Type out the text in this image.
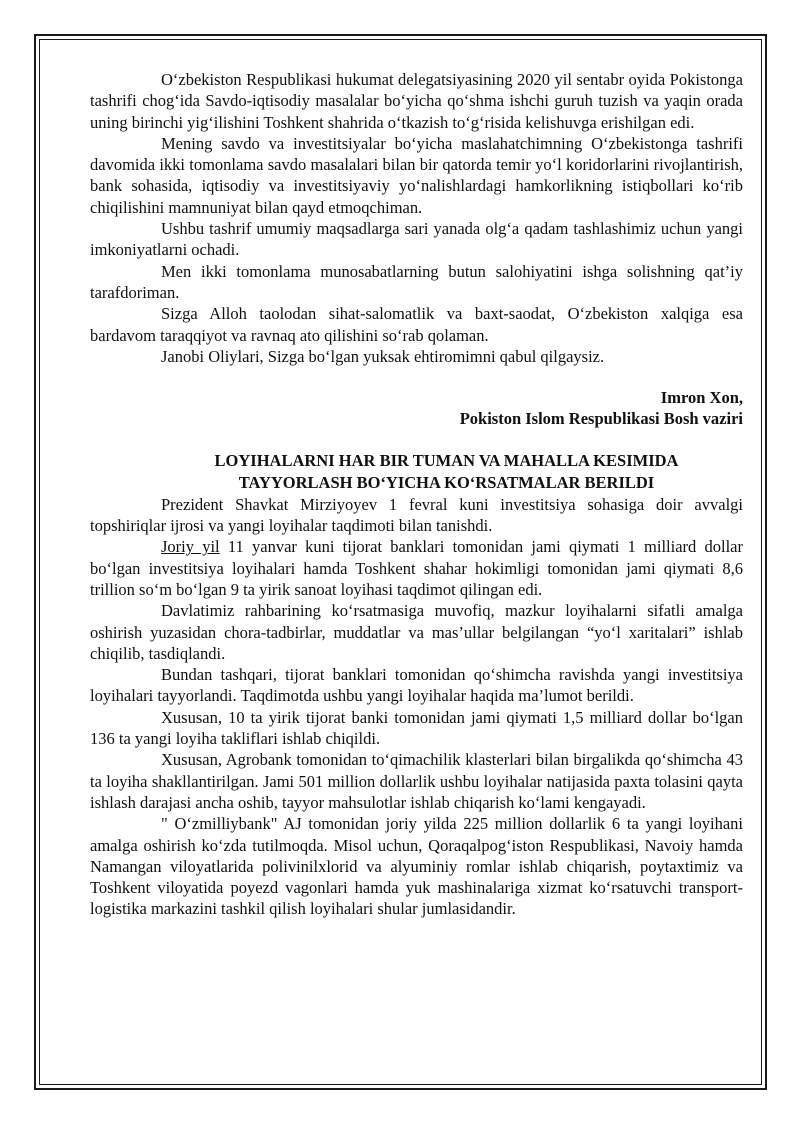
O‘zbekiston Respublikasi hukumat delegatsiyasining 2020 yil sentabr oyida Pokistonga tashrifi chog‘ida Savdo-iqtisodiy masalalar bo‘yicha qo‘shma ishchi guruh tuzish va yaqin orada uning birinchi yig‘ilishini Toshkent shahrida o‘tkazish to‘g‘risida kelishuvga erishilgan edi.

Mening savdo va investitsiyalar bo‘yicha maslahatchimning O‘zbekistonga tashrifi davomida ikki tomonlama savdo masalalari bilan bir qatorda temir yo‘l koridorlarini rivojlantirish, bank sohasida, iqtisodiy va investitsiyaviy yo‘nalishlardagi hamkorlikning istiqbollari ko‘rib chiqilishini mamnuniyat bilan qayd etmoqchiman.

Ushbu tashrif umumiy maqsadlarga sari yanada olg‘a qadam tashlashimiz uchun yangi imkoniyatlarni ochadi.

Men ikki tomonlama munosabatlarning butun salohiyatini ishga solishning qat’iy tarafdoriman.

Sizga Alloh taolodan sihat-salomatlik va baxt-saodat, O‘zbekiston xalqiga esa bardavom taraqqiyot va ravnaq ato qilishini so‘rab qolaman.

Janobi Oliylari, Sizga bo‘lgan yuksak ehtiromimni qabul qilgaysiz.

Imron Xon,

Pokiston Islom Respublikasi Bosh vaziri

LOYIHALARNI HAR BIR TUMAN VA MAHALLA KESIMIDA
TAYYORLASH BO‘YICHA KO‘RSATMALAR BERILDI

Prezident Shavkat Mirziyoyev 1 fevral kuni investitsiya sohasiga doir avvalgi topshiriqlar ijrosi va yangi loyihalar taqdimoti bilan tanishdi.

Joriy yil 11 yanvar kuni tijorat banklari tomonidan jami qiymati 1 milliard dollar bo‘lgan investitsiya loyihalari hamda Toshkent shahar hokimligi tomonidan jami qiymati 8,6 trillion so‘m bo‘lgan 9 ta yirik sanoat loyihasi taqdimot qilingan edi.

Davlatimiz rahbarining ko‘rsatmasiga muvofiq, mazkur loyihalarni sifatli amalga oshirish yuzasidan chora-tadbirlar, muddatlar va mas’ullar belgilangan “yo‘l xaritalari” ishlab chiqilib, tasdiqlandi.

Bundan tashqari, tijorat banklari tomonidan qo‘shimcha ravishda yangi investitsiya loyihalari tayyorlandi. Taqdimotda ushbu yangi loyihalar haqida ma’lumot berildi.

Xususan, 10 ta yirik tijorat banki tomonidan jami qiymati 1,5 milliard dollar bo‘lgan 136 ta yangi loyiha takliflari ishlab chiqildi.

Xususan, Agrobank tomonidan to‘qimachilik klasterlari bilan birgalikda qo‘shimcha 43 ta loyiha shakllantirilgan. Jami 501 million dollarlik ushbu loyihalar natijasida paxta tolasini qayta ishlash darajasi ancha oshib, tayyor mahsulotlar ishlab chiqarish ko‘lami kengayadi.

" O‘zmilliybank" AJ tomonidan joriy yilda 225 million dollarlik 6 ta yangi loyihani amalga oshirish ko‘zda tutilmoqda. Misol uchun, Qoraqalpog‘iston Respublikasi, Navoiy hamda Namangan viloyatlarida polivinilxlorid va alyuminiy romlar ishlab chiqarish, poytaxtimiz va Toshkent viloyatida poyezd vagonlari hamda yuk mashinalariga xizmat ko‘rsatuvchi transport-logistika markazini tashkil qilish loyihalari shular jumlasidandir.
